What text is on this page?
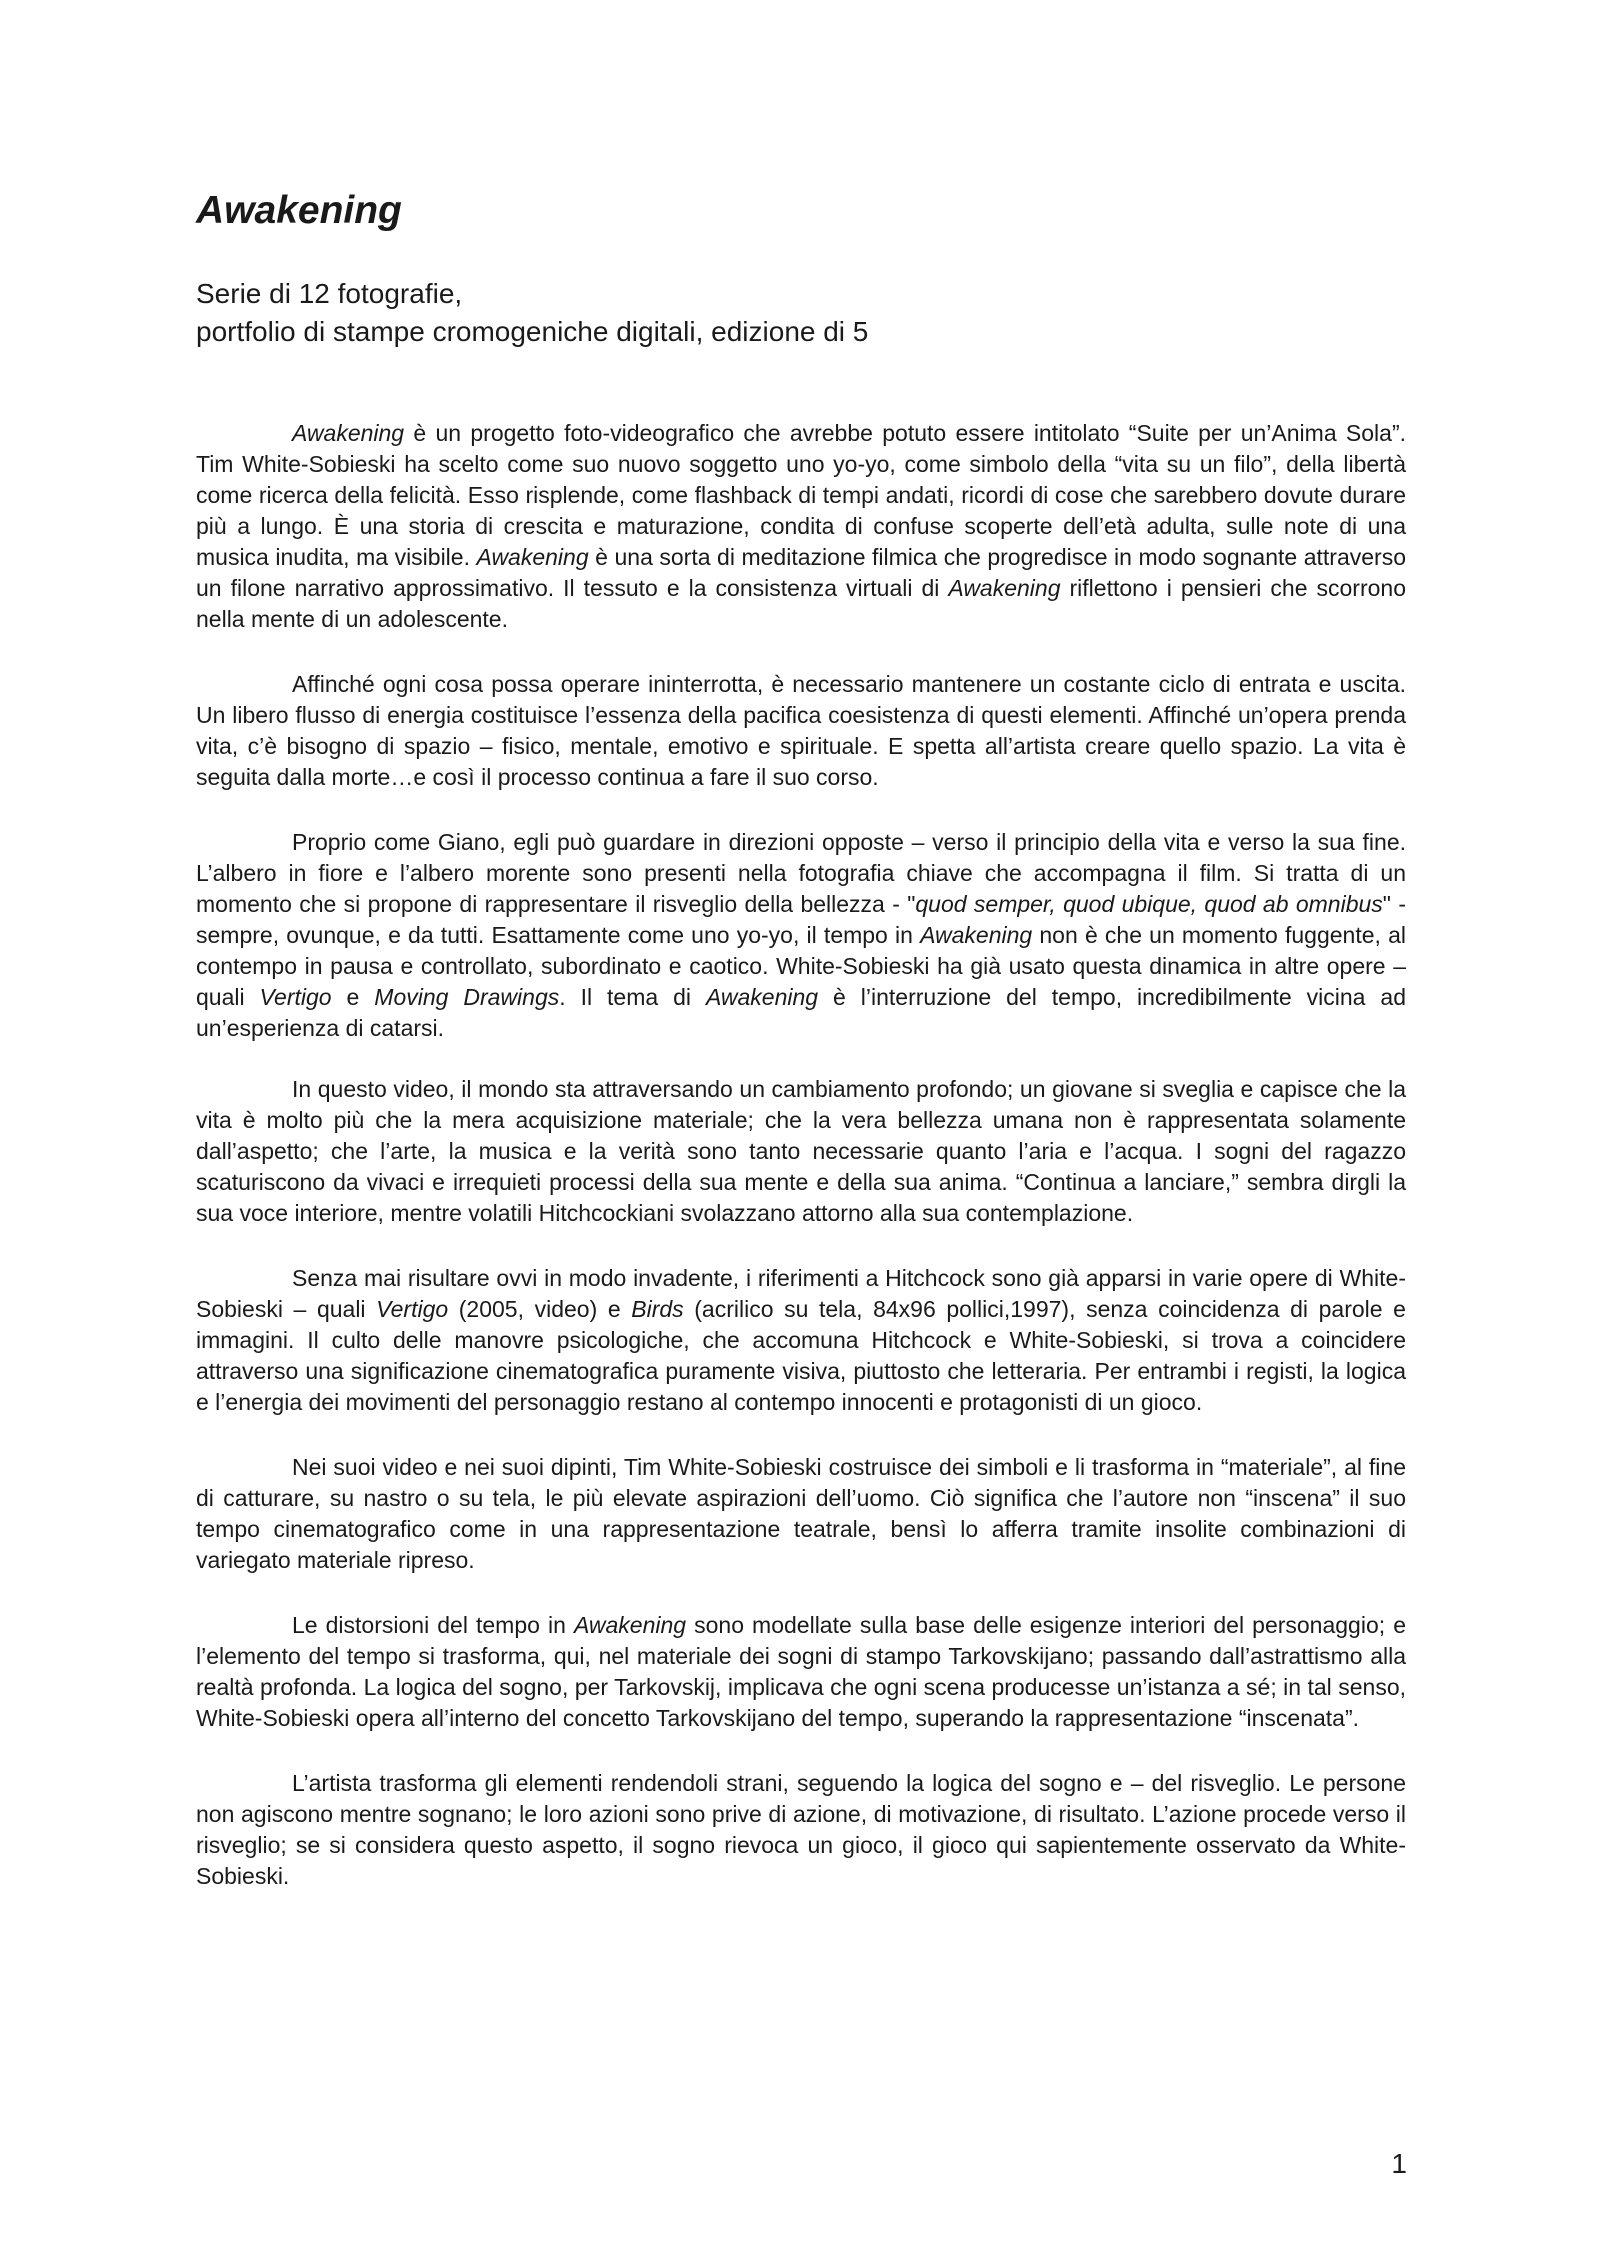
Awakening
Serie di 12 fotografie,
portfolio di stampe cromogeniche digitali, edizione di 5

Awakening è un progetto foto-videografico che avrebbe potuto essere intitolato “Suite per un’Anima Sola”. Tim White-Sobieski ha scelto come suo nuovo soggetto uno yo-yo, come simbolo della “vita su un filo”, della libertà come ricerca della felicità. Esso risplende, come flashback di tempi andati, ricordi di cose che sarebbero dovute durare più a lungo. È una storia di crescita e maturazione, condita di confuse scoperte dell’età adulta, sulle note di una musica inudita, ma visibile. Awakening è una sorta di meditazione filmica che progredisce in modo sognante attraverso un filone narrativo approssimativo. Il tessuto e la consistenza virtuali di Awakening riflettono i pensieri che scorrono nella mente di un adolescente.

Affinché ogni cosa possa operare ininterrotta, è necessario mantenere un costante ciclo di entrata e uscita. Un libero flusso di energia costituisce l’essenza della pacifica coesistenza di questi elementi. Affinché un’opera prenda vita, c’è bisogno di spazio – fisico, mentale, emotivo e spirituale. E spetta all’artista creare quello spazio. La vita è seguita dalla morte…e così il processo continua a fare il suo corso.

Proprio come Giano, egli può guardare in direzioni opposte – verso il principio della vita e verso la sua fine. L’albero in fiore e l’albero morente sono presenti nella fotografia chiave che accompagna il film. Si tratta di un momento che si propone di rappresentare il risveglio della bellezza - "quod semper, quod ubique, quod ab omnibus" - sempre, ovunque, e da tutti. Esattamente come uno yo-yo, il tempo in Awakening non è che un momento fuggente, al contempo in pausa e controllato, subordinato e caotico. White-Sobieski ha già usato questa dinamica in altre opere – quali Vertigo e Moving Drawings. Il tema di Awakening è l’interruzione del tempo, incredibilmente vicina ad un’esperienza di catarsi.

In questo video, il mondo sta attraversando un cambiamento profondo; un giovane si sveglia e capisce che la vita è molto più che la mera acquisizione materiale; che la vera bellezza umana non è rappresentata solamente dall’aspetto; che l’arte, la musica e la verità sono tanto necessarie quanto l’aria e l’acqua. I sogni del ragazzo scaturiscono da vivaci e irrequieti processi della sua mente e della sua anima. “Continua a lanciare,” sembra dirgli la sua voce interiore, mentre volatili Hitchcockiani svolazzano attorno alla sua contemplazione.

Senza mai risultare ovvi in modo invadente, i riferimenti a Hitchcock sono già apparsi in varie opere di White-Sobieski – quali Vertigo (2005, video) e Birds (acrilico su tela, 84x96 pollici,1997), senza coincidenza di parole e immagini. Il culto delle manovre psicologiche, che accomuna Hitchcock e White-Sobieski, si trova a coincidere attraverso una significazione cinematografica puramente visiva, piuttosto che letteraria. Per entrambi i registi, la logica e l’energia dei movimenti del personaggio restano al contempo innocenti e protagonisti di un gioco.

Nei suoi video e nei suoi dipinti, Tim White-Sobieski costruisce dei simboli e li trasforma in “materiale”, al fine di catturare, su nastro o su tela, le più elevate aspirazioni dell’uomo. Ciò significa che l’autore non “inscena” il suo tempo cinematografico come in una rappresentazione teatrale, bensì lo afferra tramite insolite combinazioni di variegato materiale ripreso.

Le distorsioni del tempo in Awakening sono modellate sulla base delle esigenze interiori del personaggio; e l’elemento del tempo si trasforma, qui, nel materiale dei sogni di stampo Tarkovskijano; passando dall’astrattismo alla realtà profonda. La logica del sogno, per Tarkovskij, implicava che ogni scena producesse un’istanza a sé; in tal senso, White-Sobieski opera all’interno del concetto Tarkovskijano del tempo, superando la rappresentazione “inscenata”.

L’artista trasforma gli elementi rendendoli strani, seguendo la logica del sogno e – del risveglio. Le persone non agiscono mentre sognano; le loro azioni sono prive di azione, di motivazione, di risultato. L’azione procede verso il risveglio; se si considera questo aspetto, il sogno rievoca un gioco, il gioco qui sapientemente osservato da White-Sobieski.

1
